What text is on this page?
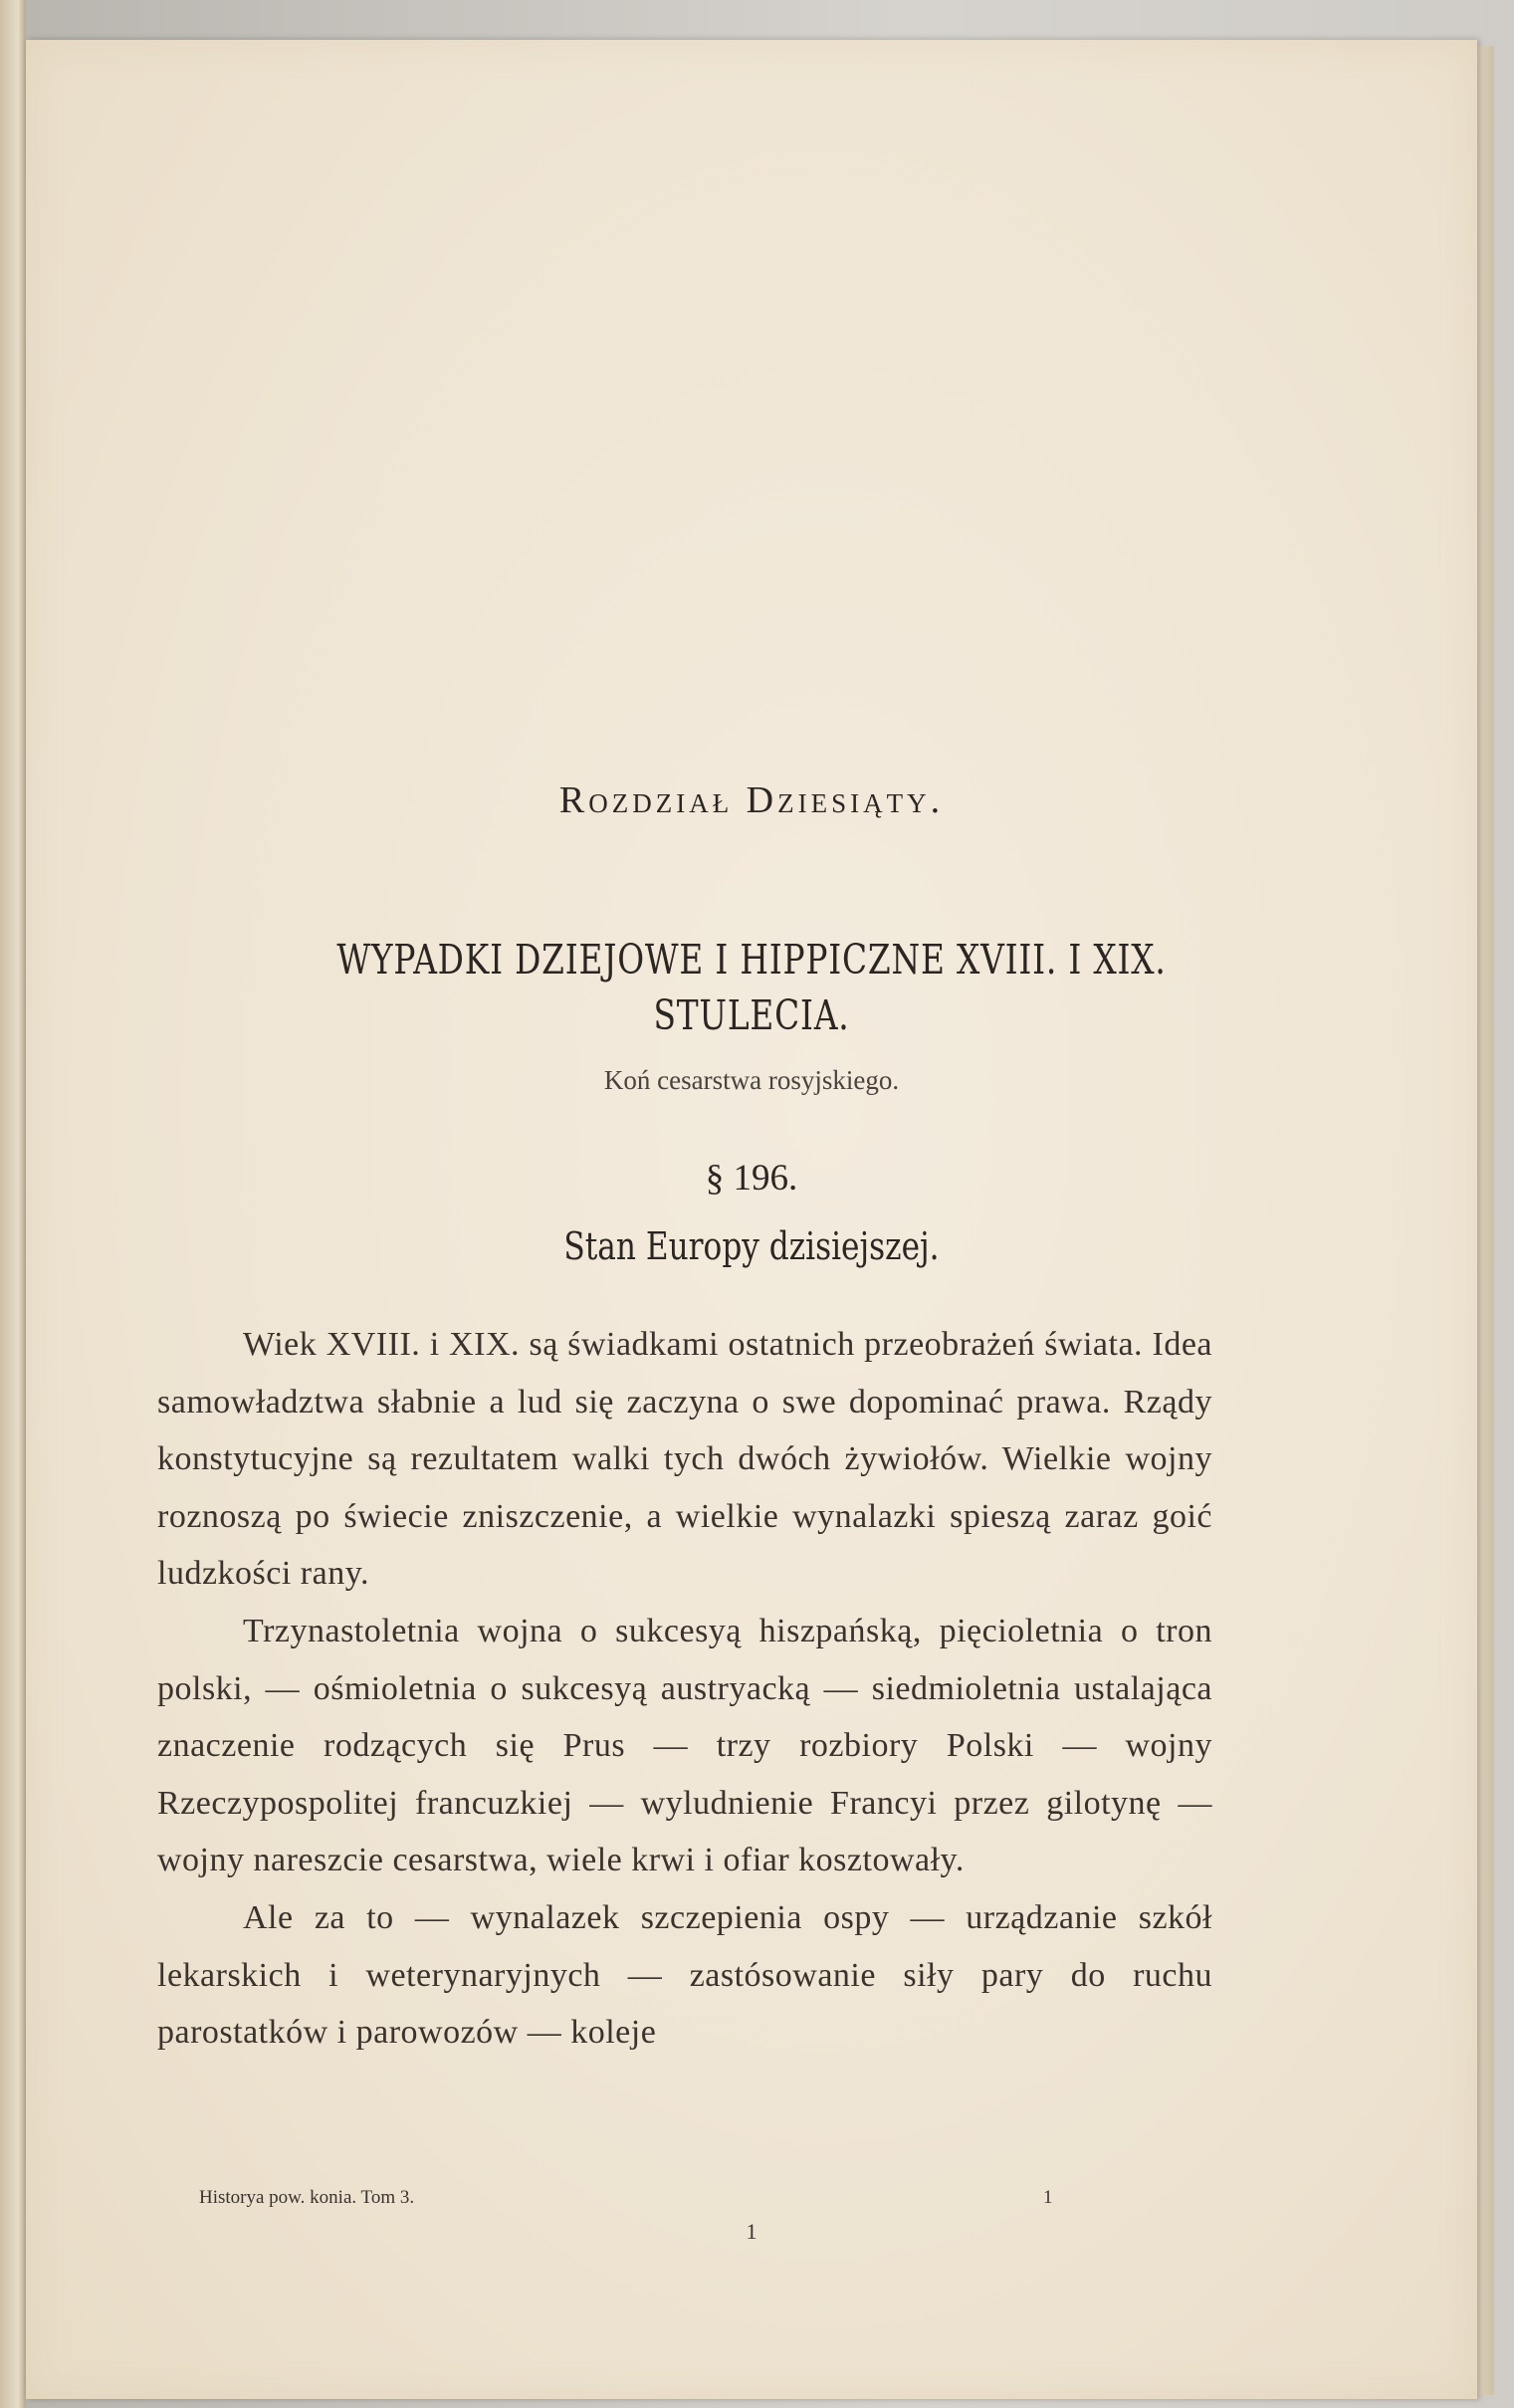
Rozdział Dziesiąty.
WYPADKI DZIEJOWE I HIPPICZNE XVIII. I XIX.
STULECIA.
Koń cesarstwa rosyjskiego.
§ 196.
Stan Europy dzisiejszej.

Wiek XVIII. i XIX. są świadkami ostatnich przeobrażeń świata. Idea samowładztwa słabnie a lud się zaczyna o swe dopominać prawa. Rządy konstytucyjne są rezultatem walki tych dwóch żywiołów. Wielkie wojny roznoszą po świecie zniszczenie, a wielkie wynalazki spieszą zaraz goić ludzkości rany.

Trzynastoletnia wojna o sukcesyą hiszpańską, pięcioletnia o tron polski, — ośmioletnia o sukcesyą austryacką — siedmioletnia ustalająca znaczenie rodzących się Prus — trzy rozbiory Polski — wojny Rzeczypospolitej francuzkiej — wyludnienie Francyi przez gilotynę — wojny nareszcie cesarstwa, wiele krwi i ofiar kosztowały.

Ale za to — wynalazek szczepienia ospy — urządzanie szkół lekarskich i weterynaryjnych — zastósowanie siły pary do ruchu parostatków i parowozów — koleje

Historya pow. konia. Tom 3.	1
1
